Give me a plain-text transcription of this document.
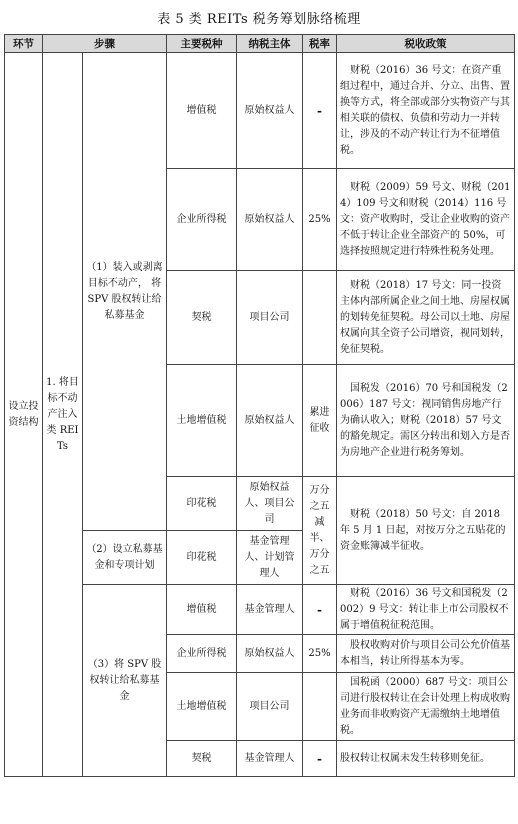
表 5 类 REITs 税务筹划脉络梳理
环节	步骤		主要税种	纳税主体	税率	税收政策
设立投资结构	1. 将目标不动产注入类 REITs	（1）装入或剥离目标不动产， 将 SPV 股权转让给私募基金	增值税	原始权益人	-	财税（2016）36 号文：在资产重组过程中，通过合并、分立、出售、置换等方式，将全部或部分实物资产与其相关联的债权、负债和劳动力一并转让，涉及的不动产转让行为不征增值税。
			企业所得税	原始权益人	25%	财税（2009）59 号文、财税（2014）109 号文和财税（2014）116 号文：资产收购时，受让企业收购的资产不低于转让企业全部资产的 50%，可选择按照规定进行特殊性税务处理。
			契税	项目公司		财税（2018）17 号文：同一投资主体内部所属企业之间土地、房屋权属的划转免征契税。母公司以土地、房屋权属向其全资子公司增资，视同划转，免征契税。
			土地增值税	原始权益人	累进征收	国税发（2016）70 号和国税发（2006）187 号文：视同销售房地产行为确认收入；财税（2018）57 号文的豁免规定。需区分转出和划入方是否为房地产企业进行税务筹划。
			印花税	原始权益人、项目公司	万分之五减半、万分之五	财税（2018）50 号文：自 2018 年 5 月 1 日起，对按万分之五贴花的资金账簿减半征收。
		（2）设立私募基金和专项计划	印花税	基金管理人、计划管理人		
		（3）将 SPV 股权转让给私募基金	增值税	基金管理人	-	财税（2016）36 号文和国税发（2002）9 号文：转让非上市公司股权不属于增值税征税范围。
			企业所得税	原始权益人	25%	股权收购对价与项目公司公允价值基本相当，转让所得基本为零。
			土地增值税	项目公司		国税函（2000）687 号文：项目公司进行股权转让在会计处理上构成收购业务而非收购资产无需缴纳土地增值税。
			契税	基金管理人	-	股权转让权属未发生转移则免征。
